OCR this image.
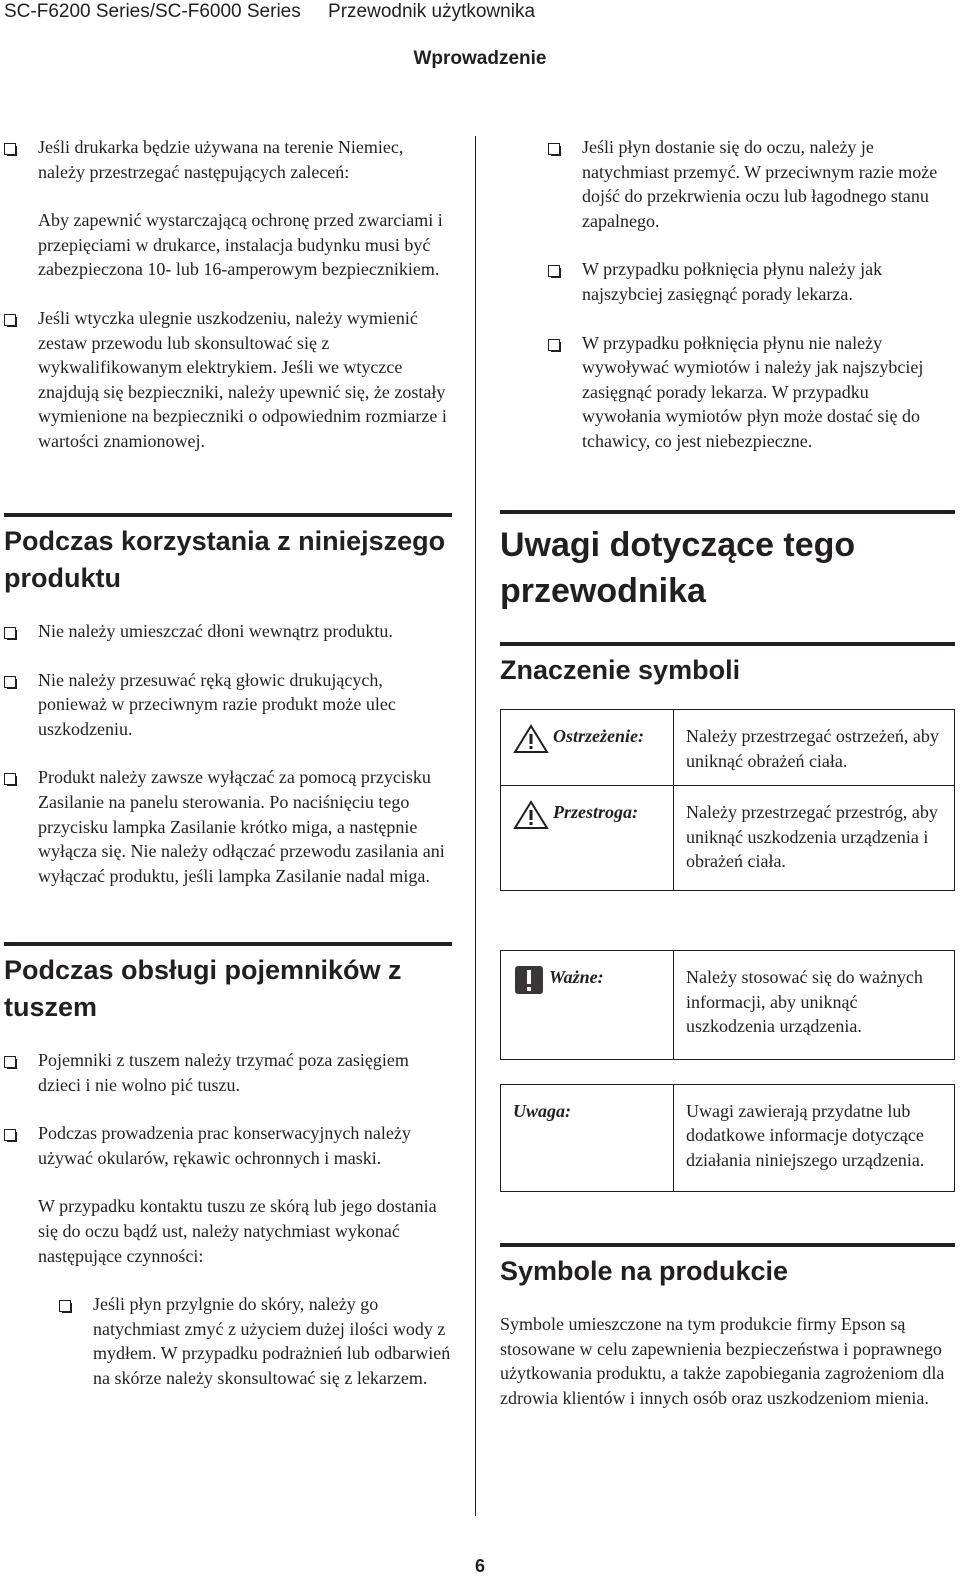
SC-F6200 Series/SC-F6000 Series Przewodnik użytkownika
Wprowadzenie
Jeśli drukarka będzie używana na terenie Niemiec, należy przestrzegać następujących zaleceń:

Aby zapewnić wystarczającą ochronę przed zwarciami i przepięciami w drukarce, instalacja budynku musi być zabezpieczona 10- lub 16-amperowym bezpiecznikiem.

Jeśli wtyczka ulegnie uszkodzeniu, należy wymienić zestaw przewodu lub skonsultować się z wykwalifikowanym elektrykiem. Jeśli we wtyczce znajdują się bezpieczniki, należy upewnić się, że zostały wymienione na bezpieczniki o odpowiednim rozmiarze i wartości znamionowej.
Podczas korzystania z niniejszego produktu
Nie należy umieszczać dłoni wewnątrz produktu.
Nie należy przesuwać ręką głowic drukujących, ponieważ w przeciwnym razie produkt może ulec uszkodzeniu.
Produkt należy zawsze wyłączać za pomocą przycisku Zasilanie na panelu sterowania. Po naciśnięciu tego przycisku lampka Zasilanie krótko miga, a następnie wyłącza się. Nie należy odłączać przewodu zasilania ani wyłączać produktu, jeśli lampka Zasilanie nadal miga.
Podczas obsługi pojemników z tuszem
Pojemniki z tuszem należy trzymać poza zasięgiem dzieci i nie wolno pić tuszu.
Podczas prowadzenia prac konserwacyjnych należy używać okularów, rękawic ochronnych i maski.

W przypadku kontaktu tuszu ze skórą lub jego dostania się do oczu bądź ust, należy natychmiast wykonać następujące czynności:

Jeśli płyn przylgnie do skóry, należy go natychmiast zmyć z użyciem dużej ilości wody z mydłem. W przypadku podrażnień lub odbarwień na skórze należy skonsultować się z lekarzem.
Jeśli płyn dostanie się do oczu, należy je natychmiast przemyć. W przeciwnym razie może dojść do przekrwienia oczu lub łagodnego stanu zapalnego.
W przypadku połknięcia płynu należy jak najszybciej zasięgnąć porady lekarza.
W przypadku połknięcia płynu nie należy wywoływać wymiotów i należy jak najszybciej zasięgnąć porady lekarza. W przypadku wywołania wymiotów płyn może dostać się do tchawicy, co jest niebezpieczne.
Uwagi dotyczące tego przewodnika
Znaczenie symboli
Ostrzeżenie:	Należy przestrzegać ostrzeżeń, aby uniknąć obrażeń ciała.

Przestroga:	Należy przestrzegać przestróg, aby uniknąć uszkodzenia urządzenia i obrażeń ciała.
Ważne:	Należy stosować się do ważnych informacji, aby uniknąć uszkodzenia urządzenia.
Uwaga:	Uwagi zawierają przydatne lub dodatkowe informacje dotyczące działania niniejszego urządzenia.
Symbole na produkcie

Symbole umieszczone na tym produkcie firmy Epson są stosowane w celu zapewnienia bezpieczeństwa i poprawnego użytkowania produktu, a także zapobiegania zagrożeniom dla zdrowia klientów i innych osób oraz uszkodzeniom mienia.

6
